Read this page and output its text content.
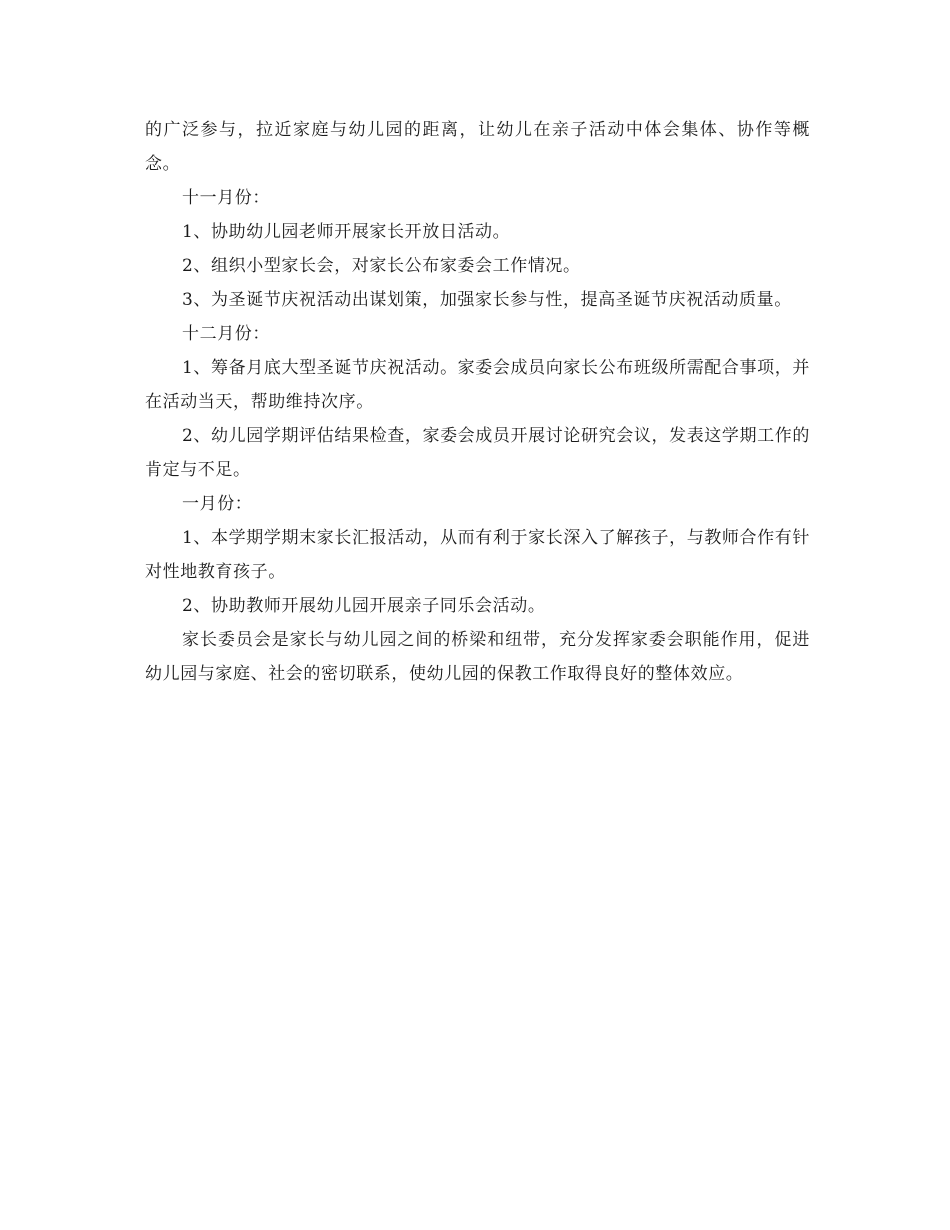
的广泛参与，拉近家庭与幼儿园的距离，让幼儿在亲子活动中体会集体、协作等概念。

十一月份：

1、协助幼儿园老师开展家长开放日活动。

2、组织小型家长会，对家长公布家委会工作情况。

3、为圣诞节庆祝活动出谋划策，加强家长参与性，提高圣诞节庆祝活动质量。

十二月份：

1、筹备月底大型圣诞节庆祝活动。家委会成员向家长公布班级所需配合事项，并在活动当天，帮助维持次序。

2、幼儿园学期评估结果检查，家委会成员开展讨论研究会议，发表这学期工作的肯定与不足。

一月份：

1、本学期学期末家长汇报活动，从而有利于家长深入了解孩子，与教师合作有针对性地教育孩子。

2、协助教师开展幼儿园开展亲子同乐会活动。

家长委员会是家长与幼儿园之间的桥梁和纽带，充分发挥家委会职能作用，促进幼儿园与家庭、社会的密切联系，使幼儿园的保教工作取得良好的整体效应。
